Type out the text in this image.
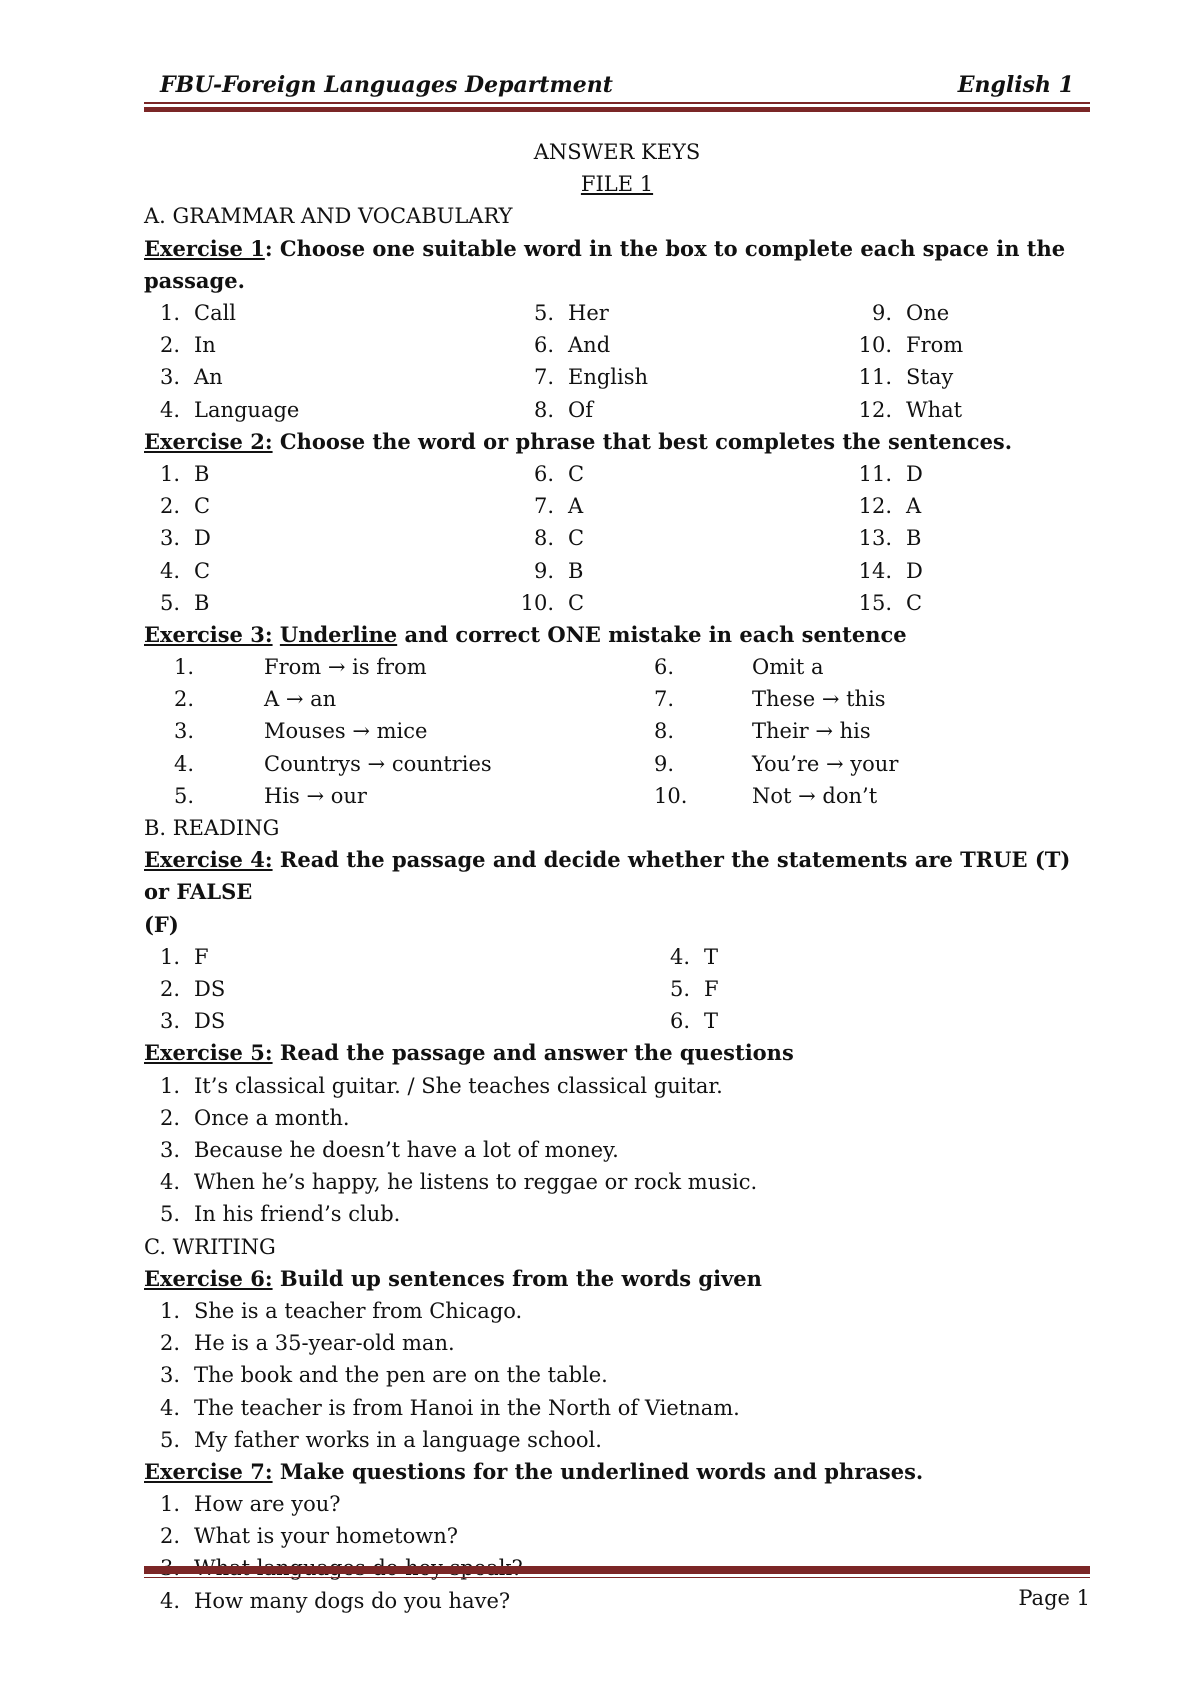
FBU-Foreign Languages Department	English 1
ANSWER KEYS
FILE 1
A. GRAMMAR AND VOCABULARY
Exercise 1: Choose one suitable word in the box to complete each space in the passage.
1. Call	5. Her	9. One
2. In	6. And	10. From
3. An	7. English	11. Stay
4. Language	8. Of	12. What
Exercise 2: Choose the word or phrase that best completes the sentences.
1. B	6. C	11. D
2. C	7. A	12. A
3. D	8. C	13. B
4. C	9. B	14. D
5. B	10. C	15. C
Exercise 3: Underline and correct ONE mistake in each sentence
1.	From → is from	6.	Omit a
2.	A → an	7.	These → this
3.	Mouses → mice	8.	Their → his
4.	Countrys → countries	9.	You’re → your
5.	His → our	10.	Not → don’t
B. READING
Exercise 4: Read the passage and decide whether the statements are TRUE (T) or FALSE
(F)
1. F	4. T
2. DS	5. F
3. DS	6. T
Exercise 5: Read the passage and answer the questions
1. It’s classical guitar. / She teaches classical guitar.
2. Once a month.
3. Because he doesn’t have a lot of money.
4. When he’s happy, he listens to reggae or rock music.
5. In his friend’s club.
C. WRITING
Exercise 6: Build up sentences from the words given
1. She is a teacher from Chicago.
2. He is a 35-year-old man.
3. The book and the pen are on the table.
4. The teacher is from Hanoi in the North of Vietnam.
5. My father works in a language school.
Exercise 7: Make questions for the underlined words and phrases.
1. How are you?
2. What is your hometown?
4. How many dogs do you have?	Page 1
